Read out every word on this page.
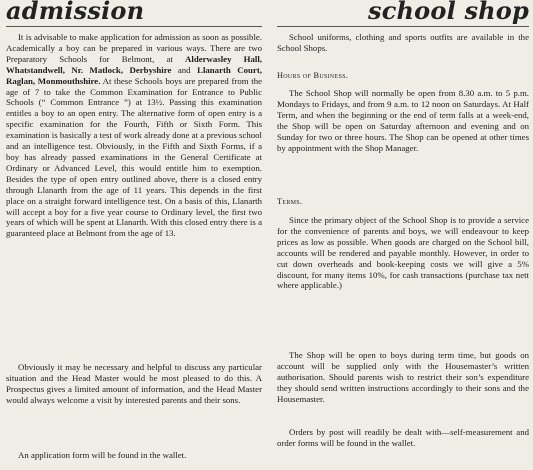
admission

It is advisable to make application for admission as soon as possible. Academically a boy can be prepared in various ways. There are two Preparatory Schools for Belmont, at Alderwasley Hall, Whatstandwell, Nr. Matlock, Derbyshire and Llanarth Court, Raglan, Monmouthshire. At these Schools boys are prepared from the age of 7 to take the Common Examination for Entrance to Public Schools (“ Common Entrance ”) at 13½. Passing this examination entitles a boy to an open entry. The alternative form of open entry is a specific examination for the Fourth, Fifth or Sixth Form. This examination is basically a test of work already done at a previous school and an intelligence test. Obviously, in the Fifth and Sixth Forms, if a boy has already passed examinations in the General Certificate at Ordinary or Advanced Level, this would entitle him to exemption. Besides the type of open entry outlined above, there is a closed entry through Llanarth from the age of 11 years. This depends in the first place on a straight forward intelligence test. On a basis of this, Llanarth will accept a boy for a five year course to Ordinary level, the first two years of which will be spent at Llanarth. With this closed entry there is a guaranteed place at Belmont from the age of 13.

Obviously it may be necessary and helpful to discuss any particular situation and the Head Master would be most pleased to do this. A Prospectus gives a limited amount of information, and the Head Master would always welcome a visit by interested parents and their sons.

An application form will be found in the wallet.

school shop

School uniforms, clothing and sports outfits are available in the School Shops.

Hours of Business.

The School Shop will normally be open from 8.30 a.m. to 5 p.m. Mondays to Fridays, and from 9 a.m. to 12 noon on Saturdays. At Half Term, and when the beginning or the end of term falls at a week-end, the Shop will be open on Saturday afternoon and evening and on Sunday for two or three hours. The Shop can be opened at other times by appointment with the Shop Manager.

Terms.

Since the primary object of the School Shop is to provide a service for the convenience of parents and boys, we will endeavour to keep prices as low as possible. When goods are charged on the School bill, accounts will be rendered and payable monthly. However, in order to cut down overheads and book-keeping costs we will give a 5% discount, for many items 10%, for cash transactions (purchase tax nett where applicable.)

The Shop will be open to boys during term time, but goods on account will be supplied only with the Housemaster’s written authorisation. Should parents wish to restrict their son’s expenditure they should send written instructions accordingly to their sons and the Housemaster.

Orders by post will readily be dealt with—self-measurement and order forms will be found in the wallet.
